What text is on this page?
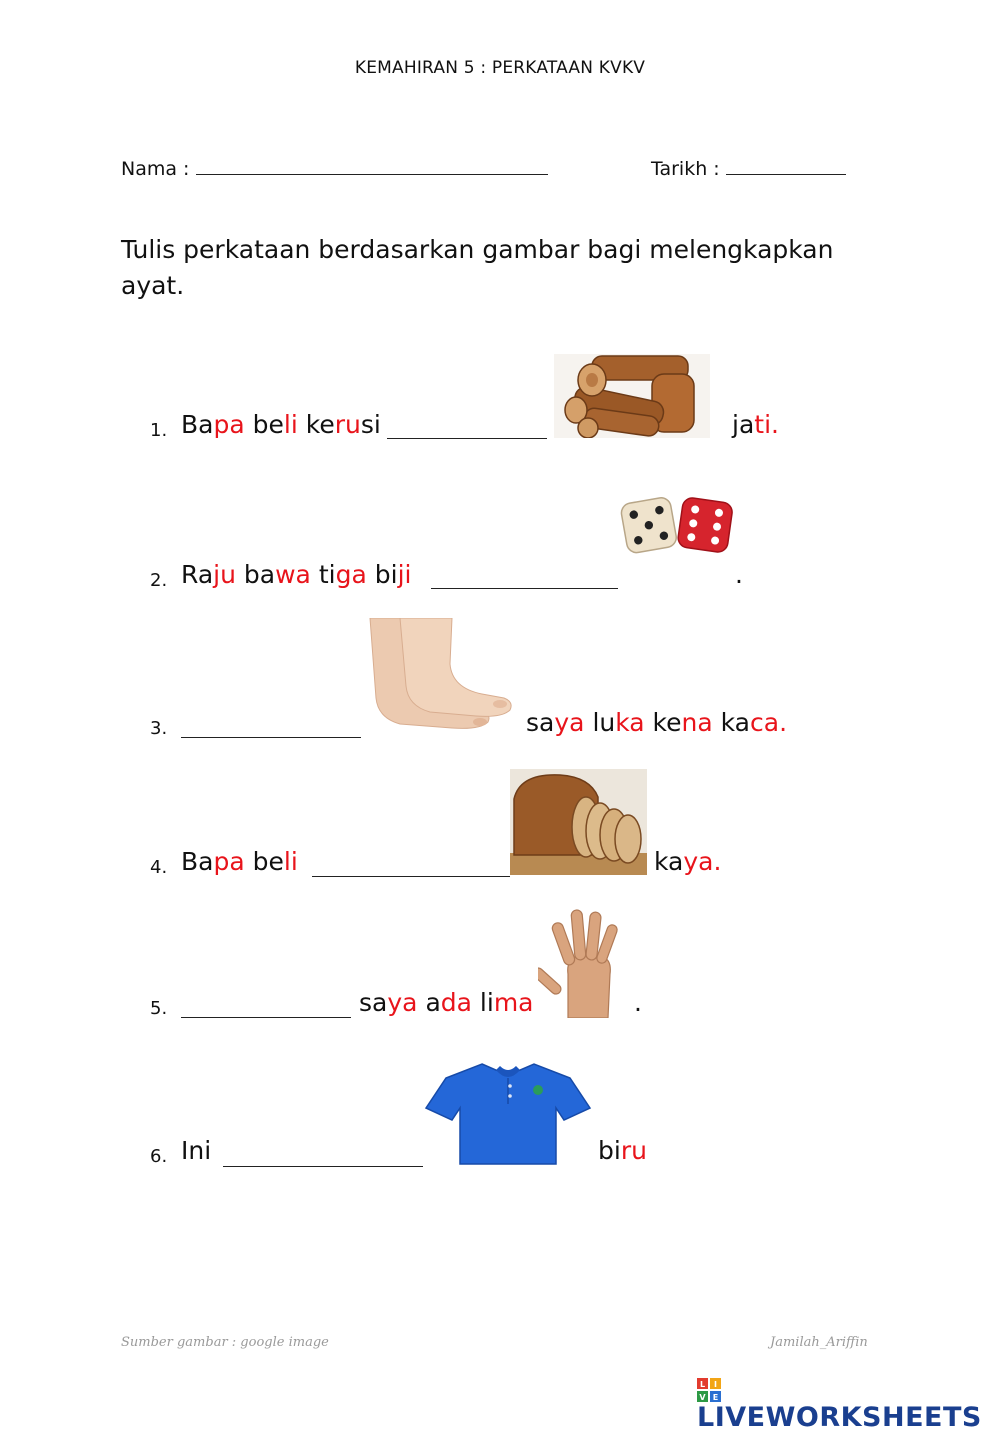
KEMAHIRAN 5 : PERKATAAN KVKV
Nama :	Tarikh :
Tulis perkataan berdasarkan gambar bagi melengkapkan ayat.
1. Bapa beli kerusi	jati.
2. Raju bawa tiga biji	.
3.	saya luka kena kaca.
4. Bapa beli	kaya.
5.	saya ada lima	.
6. Ini	biru
Sumber gambar : google image	Jamilah_Ariffin
L I
V E
LIVEWORKSHEETS
